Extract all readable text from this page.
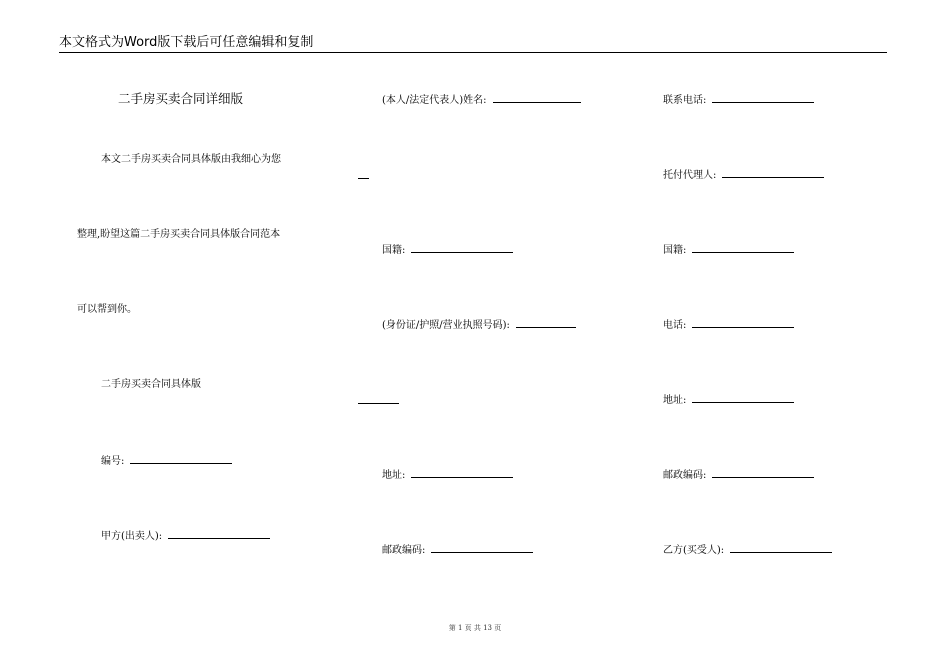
本文格式为Word版下载后可任意编辑和复制
二手房买卖合同详细版
本文二手房买卖合同具体版由我细心为您
整理,盼望这篇二手房买卖合同具体版合同范本
可以帮到你。
二手房买卖合同具体版
编号:
甲方(出卖人):
(本人/法定代表人)姓名:
国籍:
(身份证/护照/营业执照号码):
地址:
邮政编码:
联系电话:
托付代理人:
国籍:
电话:
地址:
邮政编码:
乙方(买受人):
第 1 页 共 13 页
